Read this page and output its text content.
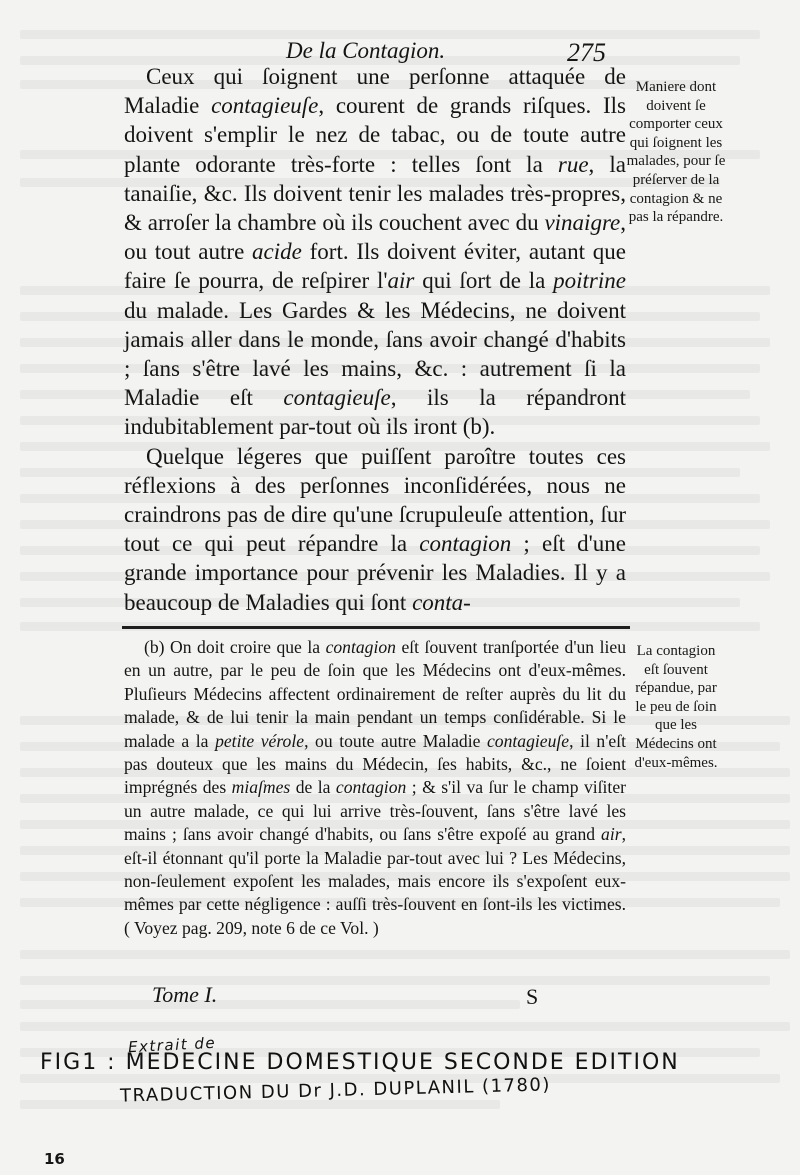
De la Contagion.	275

Ceux qui ſoignent une perſonne attaquée de Maladie contagieuſe, courent de grands riſques. Ils doivent s'emplir le nez de tabac, ou de toute autre plante odorante très-forte : telles ſont la rue, la tanaiſie, &c. Ils doivent tenir les malades très-propres, & arroſer la chambre où ils couchent avec du vinaigre, ou tout autre acide fort. Ils doivent éviter, autant que faire ſe pourra, de reſpirer l'air qui ſort de la poitrine du malade. Les Gardes & les Médecins, ne doivent jamais aller dans le monde, ſans avoir changé d'habits ; ſans s'être lavé les mains, &c. : autrement ſi la Maladie eſt contagieuſe, ils la répandront indubitablement par-tout où ils iront (b).

Quelque légeres que puiſſent paroître toutes ces réflexions à des perſonnes inconſidérées, nous ne craindrons pas de dire qu'une ſcrupuleuſe attention, ſur tout ce qui peut répandre la contagion ; eſt d'une grande importance pour prévenir les Maladies. Il y a beaucoup de Maladies qui ſont conta-

Maniere dont doivent ſe comporter ceux qui ſoignent les malades, pour ſe préſerver de la contagion & ne pas la répandre.

(b) On doit croire que la contagion eſt ſouvent tranſportée d'un lieu en un autre, par le peu de ſoin que les Médecins ont d'eux-mêmes. Pluſieurs Médecins affectent ordinairement de reſter auprès du lit du malade, & de lui tenir la main pendant un temps conſidérable. Si le malade a la petite vérole, ou toute autre Maladie contagieuſe, il n'eſt pas douteux que les mains du Médecin, ſes habits, &c., ne ſoient imprégnés des miaſmes de la contagion ; & s'il va ſur le champ viſiter un autre malade, ce qui lui arrive très-ſouvent, ſans s'être lavé les mains ; ſans avoir changé d'habits, ou ſans s'être expoſé au grand air, eſt-il étonnant qu'il porte la Maladie par-tout avec lui ? Les Médecins, non-ſeulement expoſent les malades, mais encore ils s'expoſent eux-mêmes par cette négligence : auſſi très-ſouvent en ſont-ils les victimes. ( Voyez pag. 209, note 6 de ce Vol. )

La contagion eſt ſouvent répandue, par le peu de ſoin que les Médecins ont d'eux-mêmes.
Tome I.	S
Extrait de
FIG1 : MEDECINE DOMESTIQUE SECONDE EDITION
TRADUCTION DU Dr J.D. DUPLANIL (1780)
16
